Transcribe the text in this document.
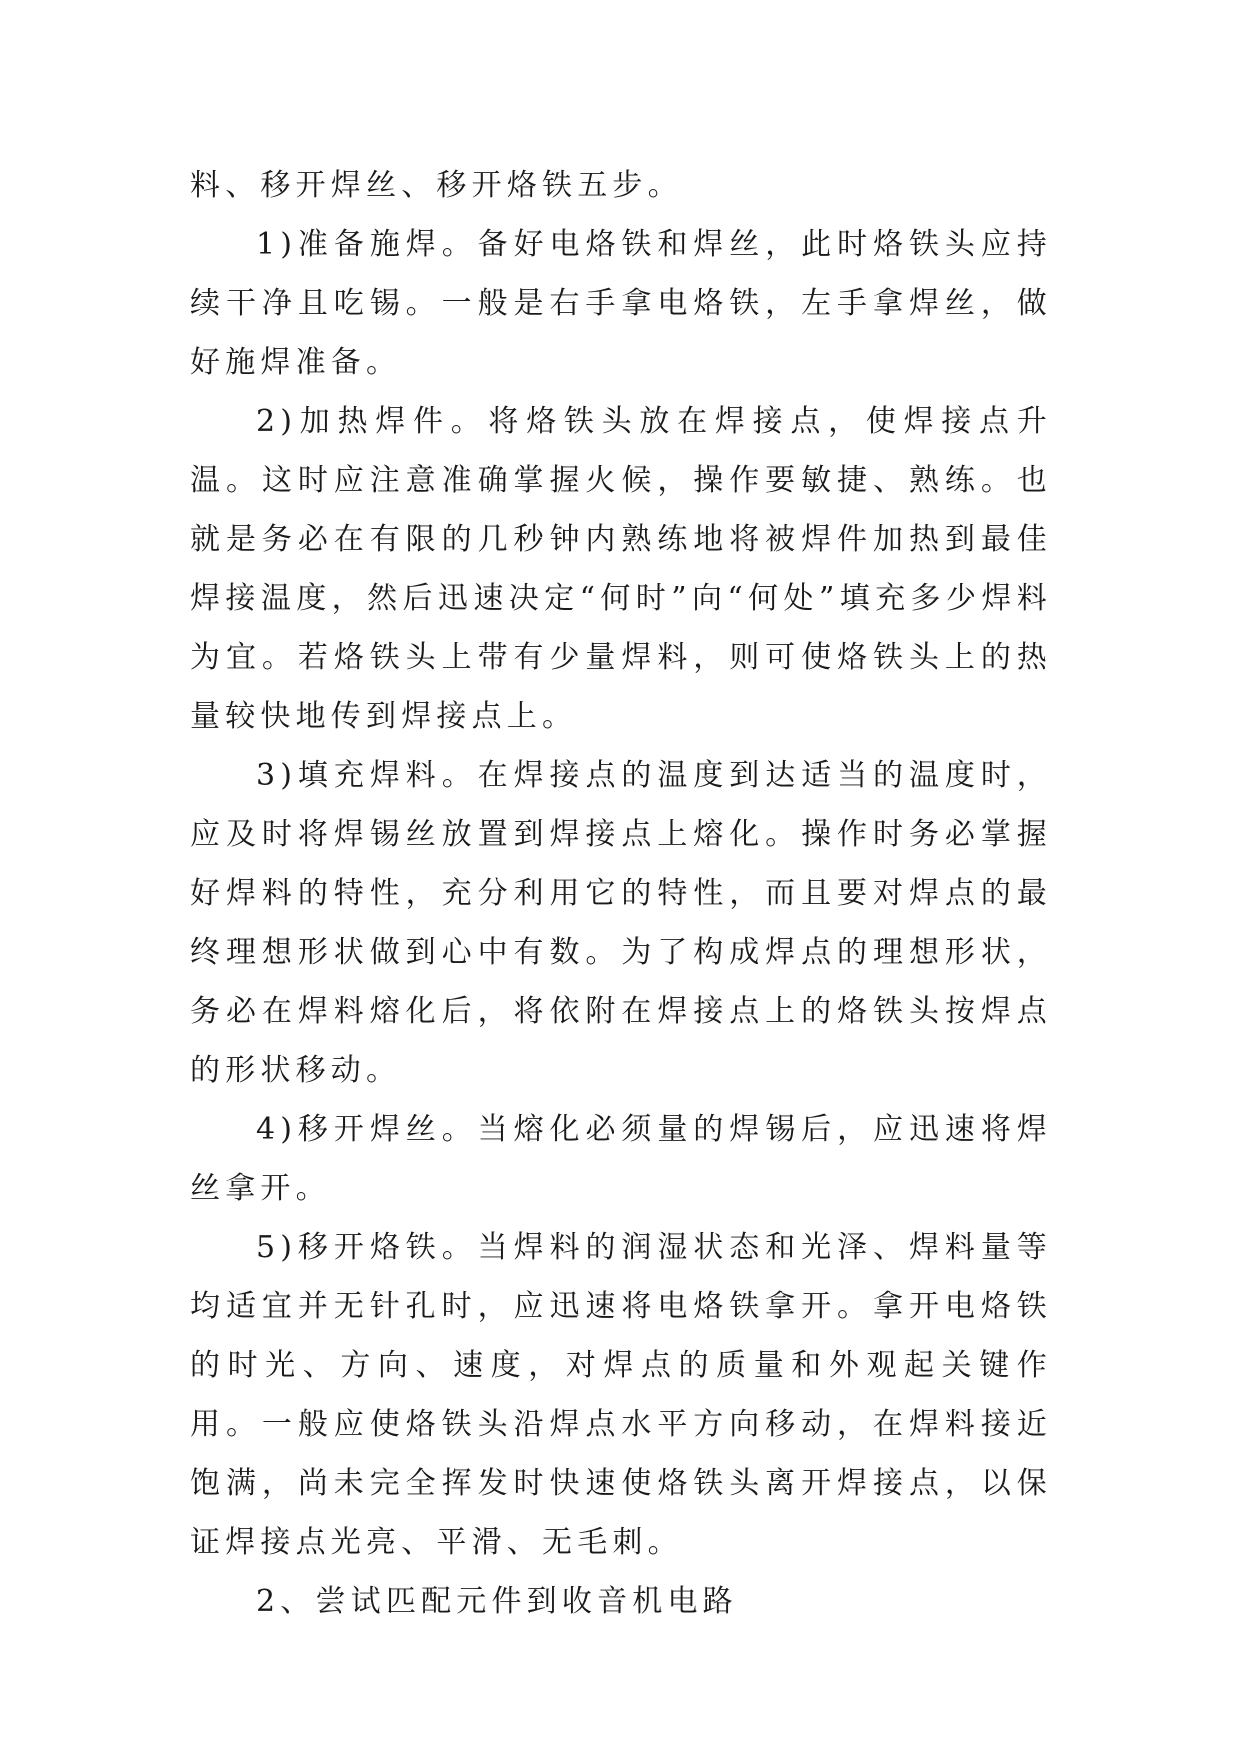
料、移开焊丝、移开烙铁五步。

1)准备施焊。备好电烙铁和焊丝，此时烙铁头应持续干净且吃锡。一般是右手拿电烙铁，左手拿焊丝，做好施焊准备。

2)加热焊件。将烙铁头放在焊接点，使焊接点升温。这时应注意准确掌握火候，操作要敏捷、熟练。也就是务必在有限的几秒钟内熟练地将被焊件加热到最佳焊接温度，然后迅速决定“何时”向“何处”填充多少焊料为宜。若烙铁头上带有少量焊料，则可使烙铁头上的热量较快地传到焊接点上。

3)填充焊料。在焊接点的温度到达适当的温度时，应及时将焊锡丝放置到焊接点上熔化。操作时务必掌握好焊料的特性，充分利用它的特性，而且要对焊点的最终理想形状做到心中有数。为了构成焊点的理想形状，务必在焊料熔化后，将依附在焊接点上的烙铁头按焊点的形状移动。

4)移开焊丝。当熔化必须量的焊锡后，应迅速将焊丝拿开。

5)移开烙铁。当焊料的润湿状态和光泽、焊料量等均适宜并无针孔时，应迅速将电烙铁拿开。拿开电烙铁的时光、方向、速度，对焊点的质量和外观起关键作用。一般应使烙铁头沿焊点水平方向移动，在焊料接近饱满，尚未完全挥发时快速使烙铁头离开焊接点，以保证焊接点光亮、平滑、无毛刺。

2、尝试匹配元件到收音机电路
